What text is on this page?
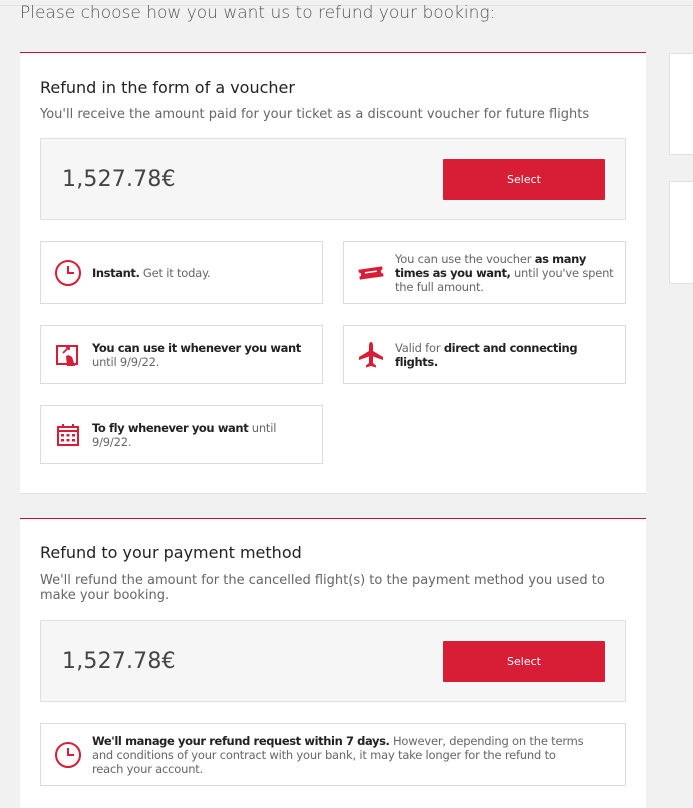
Please choose how you want us to refund your booking:
Refund in the form of a voucher
You'll receive the amount paid for your ticket as a discount voucher for future flights
1,527.78€	Select
Instant. Get it today.
You can use the voucher as many times as you want, until you've spent the full amount.
You can use it whenever you want until 9/9/22.
Valid for direct and connecting flights.
To fly whenever you want until 9/9/22.
Refund to your payment method
We'll refund the amount for the cancelled flight(s) to the payment method you used to make your booking.
1,527.78€	Select
We'll manage your refund request within 7 days. However, depending on the terms and conditions of your contract with your bank, it may take longer for the refund to reach your account.
